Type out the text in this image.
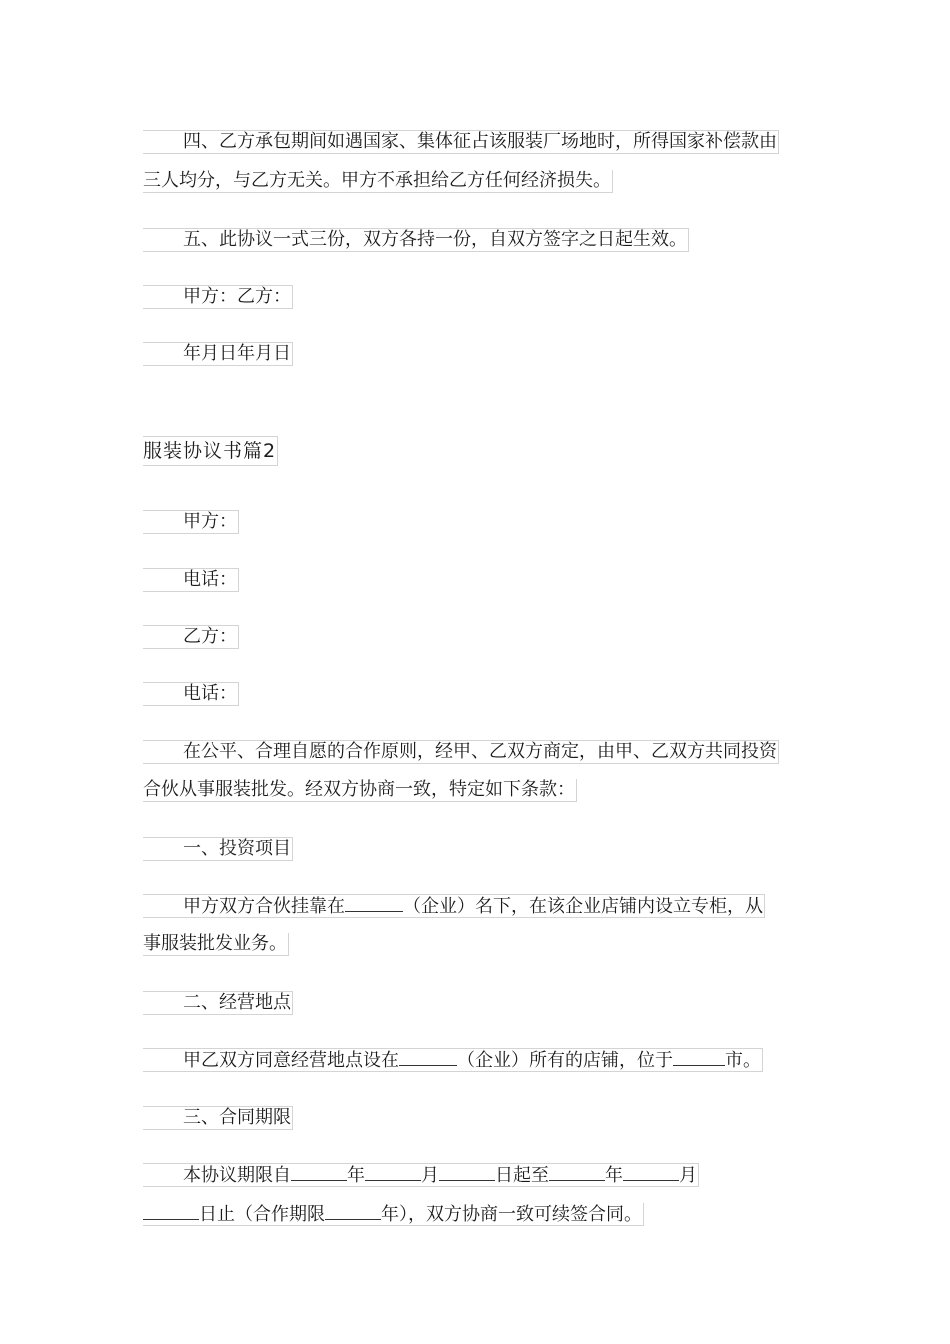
四、乙方承包期间如遇国家、集体征占该服装厂场地时，所得国家补偿款由
三人均分，与乙方无关。甲方不承担给乙方任何经济损失。
五、此协议一式三份，双方各持一份，自双方签字之日起生效。
甲方：乙方：
年月日年月日
服装协议书篇2
甲方：
电话：
乙方：
电话：
在公平、合理自愿的合作原则，经甲、乙双方商定，由甲、乙双方共同投资
合伙从事服装批发。经双方协商一致，特定如下条款：
一、投资项目
甲方双方合伙挂靠在	（企业）名下，在该企业店铺内设立专柜，从
事服装批发业务。
二、经营地点
甲乙双方同意经营地点设在	（企业）所有的店铺，位于	市。
三、合同期限
本协议期限自	年	月	日起至	年	月
日止（合作期限	年），双方协商一致可续签合同。
